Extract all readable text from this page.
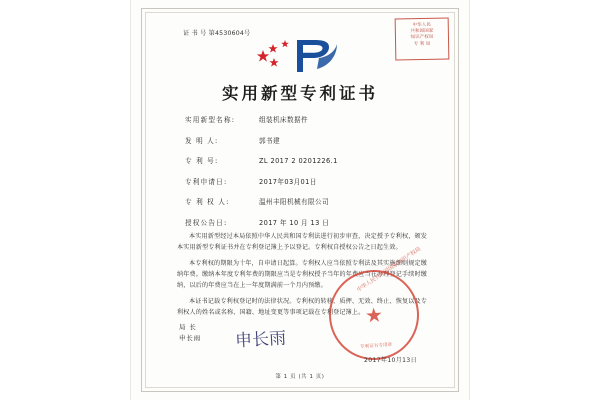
证 书 号 第4530604号
中华人民
共和国国家
知识产权局
专 利 局
实用新型专利证书
实用新型名称:	组装机床数据件
发 明 人:	郭书建
专 利 号:	ZL 2017 2 0201226.1
专利申请日:	2017年03月01日
专 利 权 人:	温州丰阳机械有限公司
授权公告日:	2017 年 10 月 13 日

本实用新型经过本局依照中华人民共和国专利法进行初步审查，决定授予专利权，颁发本实用新型专利证书并在专利登记簿上予以登记。专利权自授权公告之日起生效。

本专利权的期限为十年，自申请日起算。专利权人应当依照专利法及其实施细则规定缴纳年费。缴纳本年度专利年费的期限应当是专利权授予当年的年费应当在办理登记手续时缴纳，以后的年费应当在上一年度期满前一个月内预缴。

本证书记载专利权登记时的法律状况。专利权的转移、质押、无效、终止、恢复以及专利权人的姓名或名称、国籍、地址变更等事项记载在专利登记簿上。

局 长
申长雨 申长雨
中华人民共和国国家知识产权局
★
专利证书专用章
2017年10月13日
第 1 页 (共 1 页)
